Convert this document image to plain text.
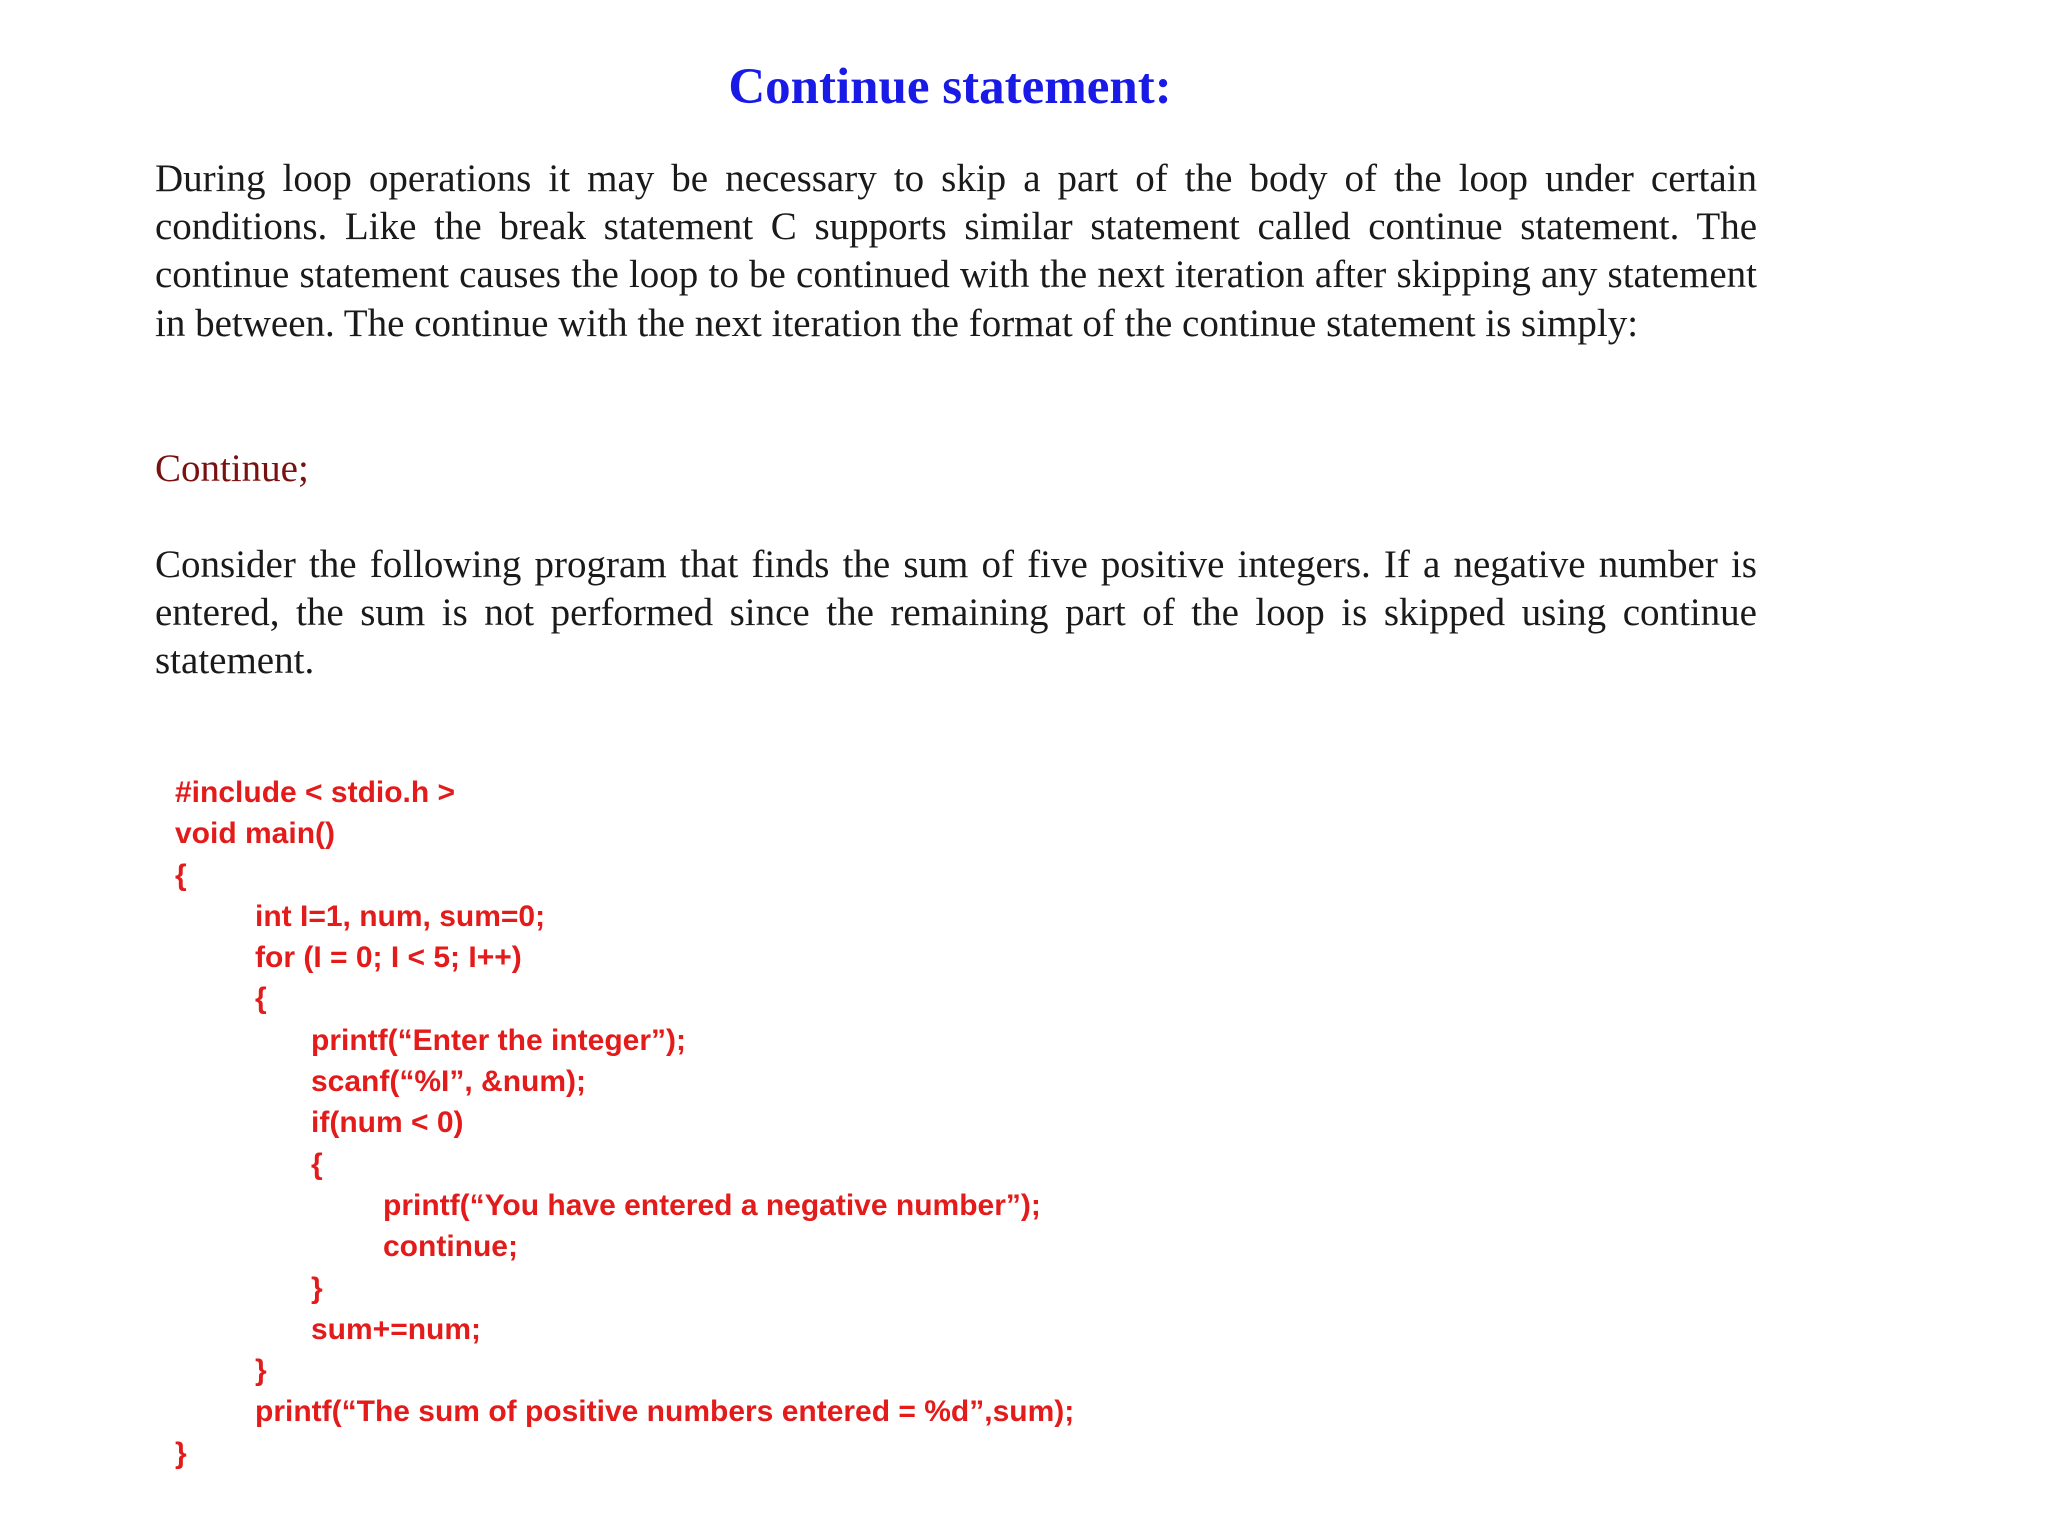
Continue statement:

During loop operations it may be necessary to skip a part of the body of the loop under certain conditions. Like the break statement C supports similar statement called continue statement. The continue statement causes the loop to be continued with the next iteration after skipping any statement in between. The continue with the next iteration the format of the continue statement is simply:

Continue;

Consider the following program that finds the sum of five positive integers. If a negative number is entered, the sum is not performed since the remaining part of the loop is skipped using continue statement.

#include < stdio.h >
void main()
{
int I=1, num, sum=0;
for (I = 0; I < 5; I++)
{
printf(“Enter the integer”);
scanf(“%I”, &num);
if(num < 0)
{
printf(“You have entered a negative number”);
continue;
}
sum+=num;
}
printf(“The sum of positive numbers entered = %d”,sum);
}
